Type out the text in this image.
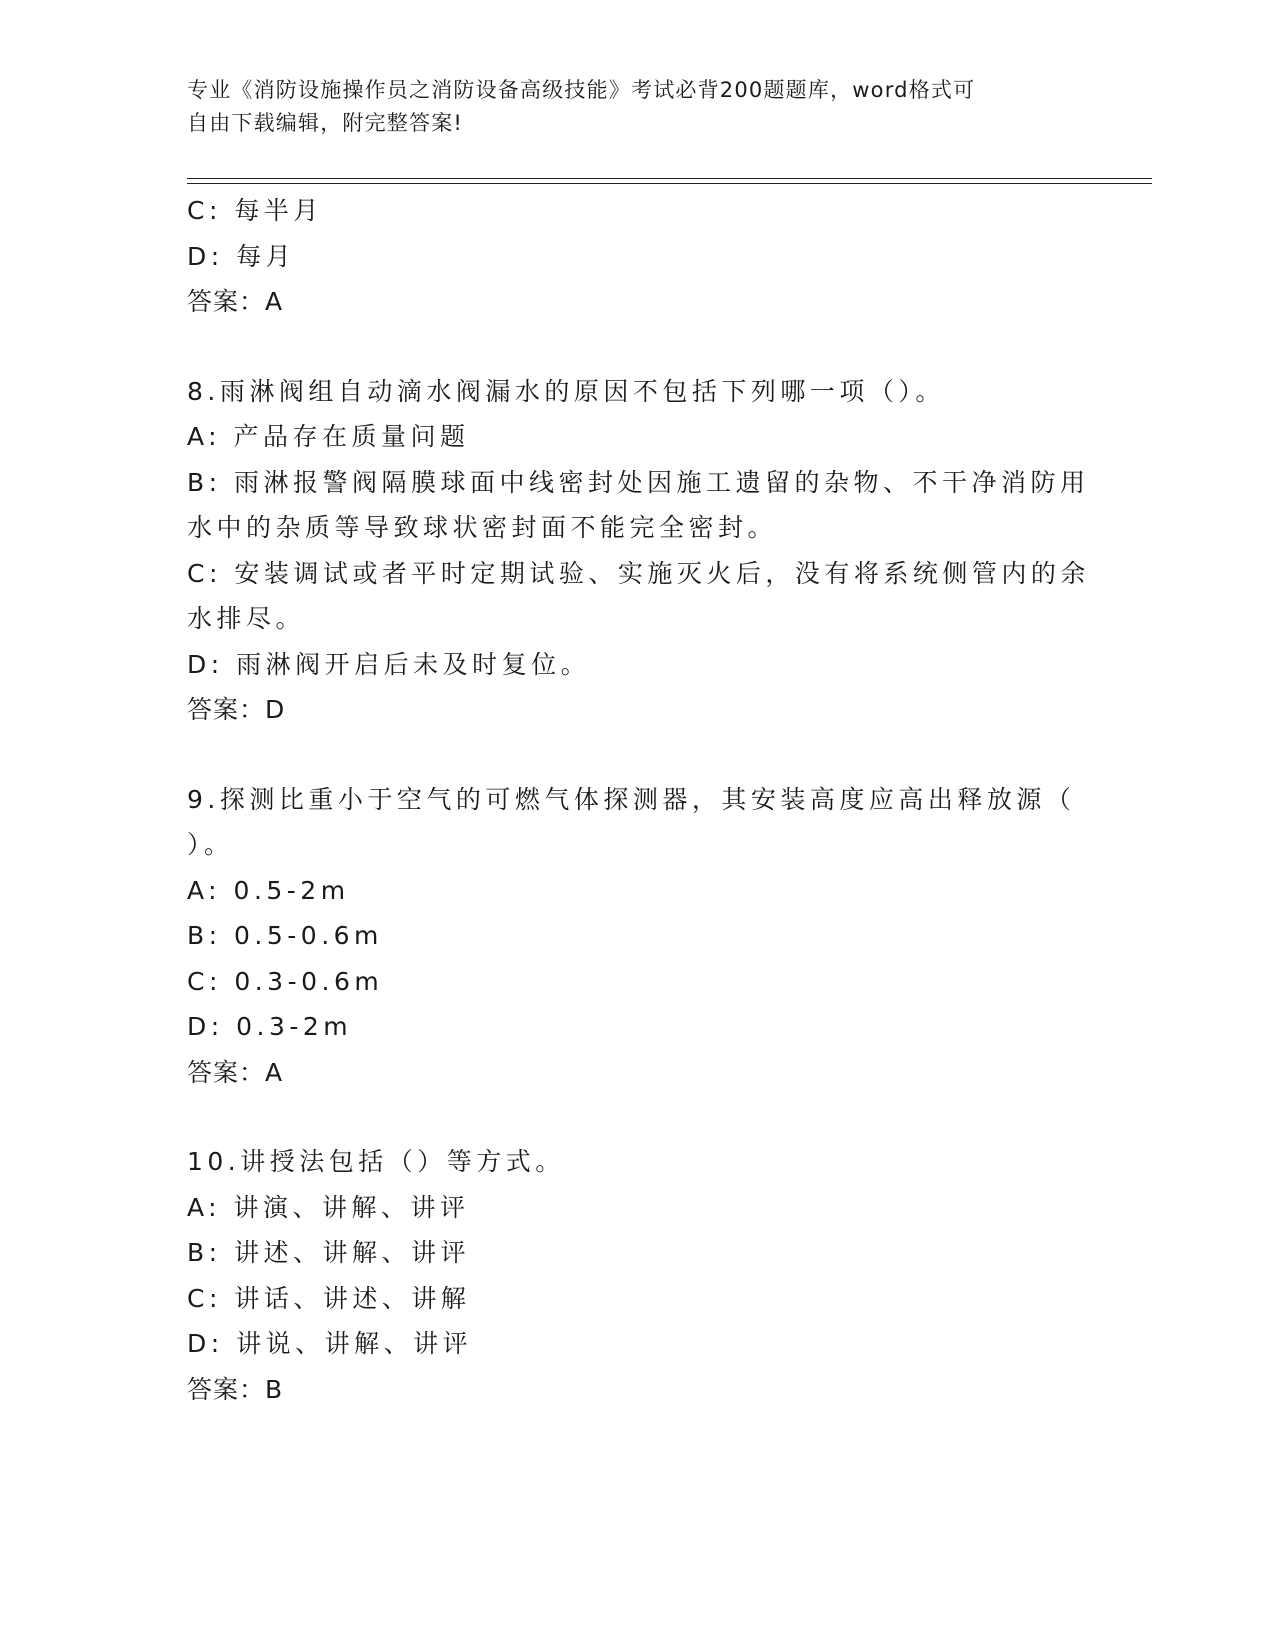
专业《消防设施操作员之消防设备高级技能》考试必背200题题库，word格式可
自由下载编辑，附完整答案!
C: 每半月
D: 每月
答案：A
8.雨淋阀组自动滴水阀漏水的原因不包括下列哪一项（）。
A: 产品存在质量问题
B: 雨淋报警阀隔膜球面中线密封处因施工遗留的杂物、不干净消防用
水中的杂质等导致球状密封面不能完全密封。
C: 安装调试或者平时定期试验、实施灭火后，没有将系统侧管内的余
水排尽。
D: 雨淋阀开启后未及时复位。
答案：D
9.探测比重小于空气的可燃气体探测器，其安装高度应高出释放源（
）。
A: 0.5-2m
B: 0.5-0.6m
C: 0.3-0.6m
D: 0.3-2m
答案：A
10.讲授法包括（）等方式。
A: 讲演、讲解、讲评
B: 讲述、讲解、讲评
C: 讲话、讲述、讲解
D: 讲说、讲解、讲评
答案：B
